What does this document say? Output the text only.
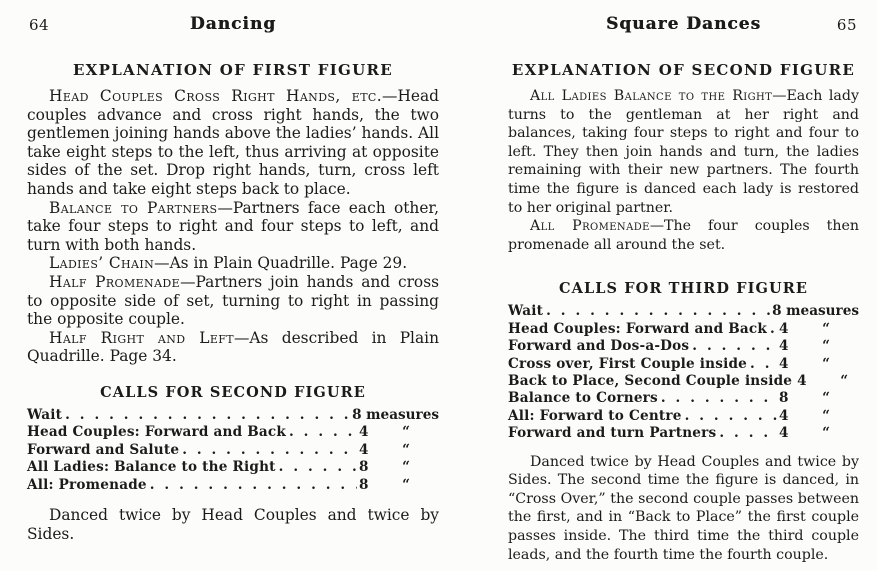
64	Dancing
EXPLANATION OF FIRST FIGURE

Head Couples Cross Right Hands, etc.—Head couples advance and cross right hands, the two gentlemen joining hands above the ladies’ hands. All take eight steps to the left, thus arriving at opposite sides of the set. Drop right hands, turn, cross left hands and take eight steps back to place.

Balance to Partners—Partners face each other, take four steps to right and four steps to left, and turn with both hands.

Ladies’ Chain—As in Plain Quadrille. Page 29.

Half Promenade—Partners join hands and cross to opposite side of set, turning to right in passing the opposite couple.

Half Right and Left—As described in Plain Quadrille. Page 34.

CALLS FOR SECOND FIGURE
Wait . . .	8 measures
Head Couples: Forward and Back . . .	4	“
Forward and Salute . . .	4	“
All Ladies: Balance to the Right . . .	8	“
All: Promenade . . .	8	“

Danced twice by Head Couples and twice by Sides.

Square Dances	65
EXPLANATION OF SECOND FIGURE

All Ladies Balance to the Right—Each lady turns to the gentleman at her right and balances, taking four steps to right and four to left. They then join hands and turn, the ladies remaining with their new partners. The fourth time the figure is danced each lady is restored to her original partner.

All Promenade—The four couples then promenade all around the set.

CALLS FOR THIRD FIGURE
Wait . . .	8 measures
Head Couples: Forward and Back . . . 4	“
Forward and Dos-a-Dos . . .	4	“
Cross over, First Couple inside . . . 4	“
Back to Place, Second Couple inside 4	“
Balance to Corners . . .	8	“
All: Forward to Centre . . .	4	“
Forward and turn Partners . . .	4	“

Danced twice by Head Couples and twice by Sides. The second time the figure is danced, in “Cross Over,” the second couple passes between the first, and in “Back to Place” the first couple passes inside. The third time the third couple leads, and the fourth time the fourth couple.
